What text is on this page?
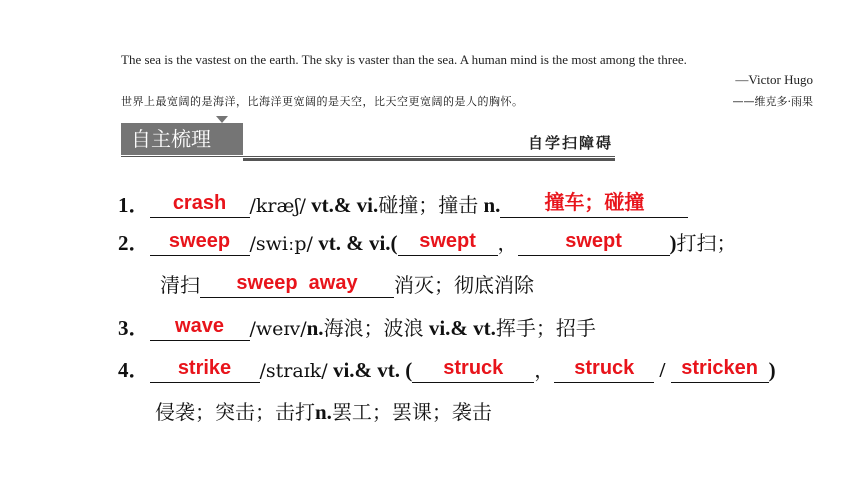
The sea is the vastest on the earth. The sky is vaster than the sea. A human mind is the most among the three.
—Victor Hugo
世界上最宽阔的是海洋，比海洋更宽阔的是天空，比天空更宽阔的是人的胸怀。	——维克多·雨果
自主梳理	自学扫障碍
1． crash /kræʃ/ vt.& vi.碰撞；撞击 n. 撞车；碰撞
2． sweep /swiːp/ vt. & vi.( swept ， swept )打扫；
清扫 sweep  away 消灭；彻底消除
3． wave /weɪv/n.海浪；波浪 vi.& vt.挥手；招手
4． strike /straɪk/ vi.& vt. ( struck ， struck / stricken )
侵袭；突击；击打n.罢工；罢课；袭击
